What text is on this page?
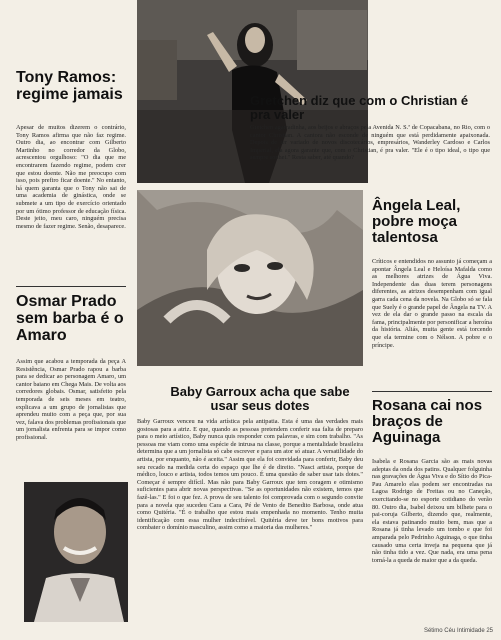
Tony Ramos: regime jamais
Apesar de muitos dizerem o contrário, Tony Ramos afirma que não faz regime. Outro dia, ao encontrar com Gilberto Martinho no corredor da Globo, acrescentou orgulhoso: "O dia que me encontrarem fazendo regime, podem crer que estou doente. Não me preocupo com isso, pois prefiro ficar doente." No entanto, há quem garanta que o Tony não sai de uma academia de ginástica, onde se submete a um tipo de exercício orientado por um ótimo professor de educação física. Deste jeito, meu caro, ninguém precisa mesmo de fazer regime. Senão, desaparece.
Osmar Prado sem barba é o Amaro
Assim que acabou a temporada da peça A Resistência, Osmar Prado rapou a barba para se dedicar ao personagem Amaro, um cantor baiano em Chega Mais. De volta aos corredores globais. Osmar, satisfeito pela temporada de seis meses em teatro, explicava a um grupo de jornalistas que aprendeu muito com a peça que, por sua vez, falava dos problemas profissionais que um jornalista enfrenta para se impor como profissional.
Gretchen diz que com o Christian é pra valer
Gretchen agarradinha, aos beijos e abraços pela Avenida N. S.ª de Copacabana, no Rio, com o cantor Christian. A cantora não esconde de ninguém que está perdidamente apaixonada. Depois de ter variado de novos discotecários, empresários, Wanderley Cardoso e Carlos Imperial, ela agora garante que, com o Christian, é pra valer. "Ele é o tipo ideal, o tipo que sempre sonhei." Resta saber, até quando?
Baby Garroux acha que sabe usar seus dotes
Baby Garroux venceu na vida artística pela antipatia. Esta é uma das verdades mais gostosas para a atriz. E que, quando as pessoas pretendem conferir sua falta de preparo para o meio artístico, Baby nunca quis responder com palavras, e sim com trabalho. "As pessoas me viam como uma espécie de intrusa na classe, porque a mentalidade brasileira determina que a um jornalista só cabe escrever e para um ator só atuar. A versatilidade do artista, por enquanto, não é aceita." Assim que ela foi convidada para conferir, Baby deu seu recado na medida certa do espaço que lhe é de direito. "Nasci artista, porque de médico, louco e artista, todos temos um pouco. É uma questão de saber usar tais dotes." Começar é sempre difícil. Mas não para Baby Garroux que tem coragem e otimismo suficientes para abrir novas perspectivas. "Se as oportunidades não existem, temos que fazê-las." E foi o que fez. A prova de seu talento foi comprovada com o segundo convite para a novela que sucedeu Cara a Cara, Pé de Vento de Benedito Barbosa, onde atua como Quitéria. "É o trabalho que estou mais empenhada no momento. Tenho muita identificação com essa mulher indecifrável. Quitéria deve ter bons motivos para combater o domínio masculino, assim como a maioria das mulheres."
Ângela Leal, pobre moça talentosa
Críticos e entendidos no assunto já começam a apontar Ângela Leal e Heloísa Mafalda como as melhores atrizes de Água Viva. Independente das duas terem personagens diferentes, as atrizes desempenham com igual garra cada cena da novela. Na Globo só se fala que Suely é o grande papel de Ângela na TV. A vez de ela dar o grande passo na escala da fama, principalmente por personificar a heroína da história. Aliás, muita gente está torcendo que ela termine com o Nélson. A pobre e o príncipe.
Rosana cai nos braços de Aguinaga
Isabela e Rosana Garcia são as mais novas adeptas da onda dos patins. Qualquer folguinha nas gravações de Água Viva e do Sítio do Pica-Pau Amarelo elas podem ser encontradas na Lagoa Rodrigo de Freitas ou no Caneção, exercitando-se no esporte cotidiano do verão 80. Outro dia, Isabel deixou um bilhete para o pai-coruja Gilberto, dizendo que, realmente, ela estava patinando muito bem, mas que a Rosana já tinha levado um tombo e que foi amparada pelo Pedrinho Aguinaga, o que tinha causado uma certa inveja na pequena que já não tinha tido a vez. Que nada, era uma pena torná-la a queda de maior que a da queda.
Sétimo Céu Intimidade 25
